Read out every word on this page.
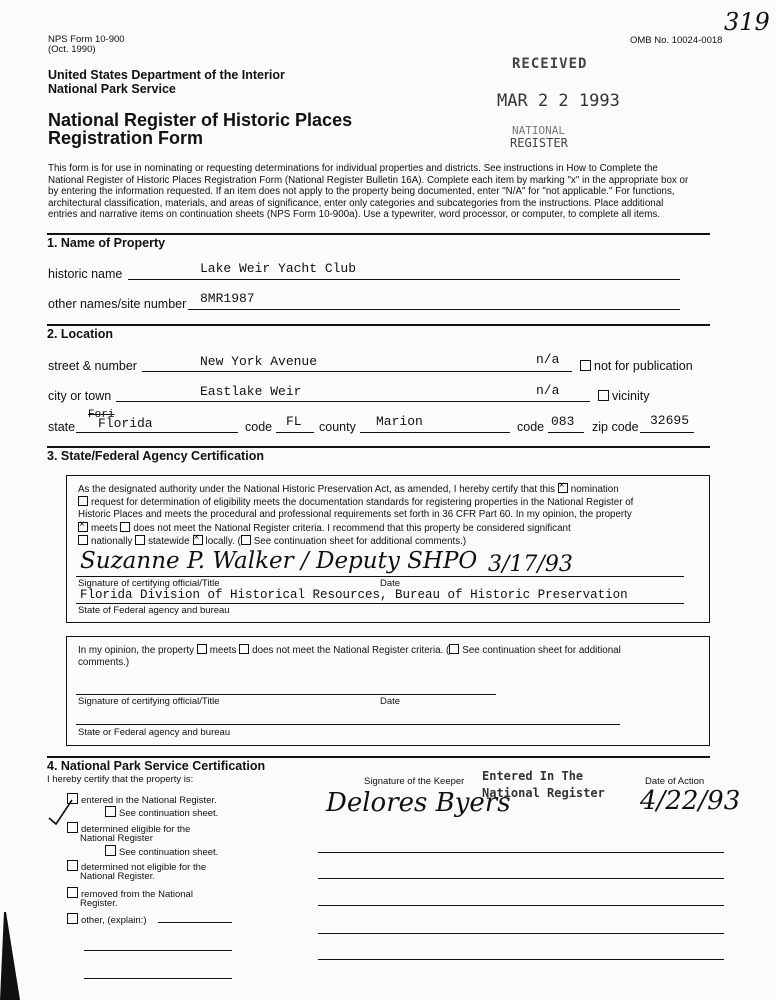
NPS Form 10-900
(Oct. 1990)
OMB No. 10024-0018
319
United States Department of the Interior
National Park Service
RECEIVED
MAR 2 2 1993
NATIONAL
REGISTER
National Register of Historic Places
Registration Form
This form is for use in nominating or requesting determinations for individual properties and districts. See instructions in How to Complete the
National Register of Historic Places Registration Form (National Register Bulletin 16A). Complete each item by marking "x" in the appropriate box or
by entering the information requested. If an item does not apply to the property being documented, enter "N/A" for "not applicable." For functions,
architectural classification, materials, and areas of significance, enter only categories and subcategories from the instructions. Place additional
entries and narrative items on continuation sheets (NPS Form 10-900a). Use a typewriter, word processor, or computer, to complete all items.
1. Name of Property
historic name	Lake Weir Yacht Club
other names/site number 8MR1987
2. Location
street & number	New York Avenue	n/a	not for publication
city or town	Eastlake Weir	n/a	vicinity
state
Fori
Florida	code FL county Marion	code 083 zip code 32695
3. State/Federal Agency Certification
As the designated authority under the National Historic Preservation Act, as amended, I hereby certify that this × nomination
request for determination of eligibility meets the documentation standards for registering properties in the National Register of
Historic Places and meets the procedural and professional requirements set forth in 36 CFR Part 60. In my opinion, the property
× meets does not meet the National Register criteria. I recommend that this property be considered significant
nationally statewide × locally. ( See continuation sheet for additional comments.)
Suzanne P. Walker / Deputy SHPO 3/17/93
Signature of certifying official/Title	Date
Florida Division of Historical Resources, Bureau of Historic Preservation
State of Federal agency and bureau
In my opinion, the property meets does not meet the National Register criteria. ( See continuation sheet for additional
comments.)
Signature of certifying official/Title	Date
State or Federal agency and bureau
4. National Park Service Certification
I hereby certify that the property is:	Signature of the Keeper	Date of Action
Entered In The
National Register
Delores Byers	4/22/93
entered in the National Register.
See continuation sheet.
determined eligible for the
National Register
See continuation sheet.
determined not eligible for the
National Register.
removed from the National
Register.
other, (explain:)
